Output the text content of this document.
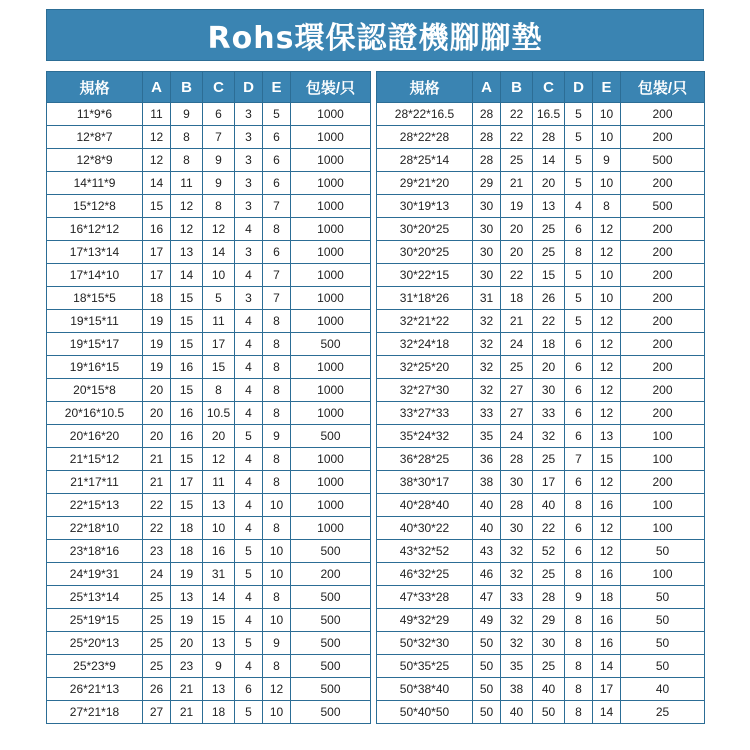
Rohs環保認證機腳腳墊
規格	A	B	C	D	E	包裝/只
11*9*6	11	9	6	3	5	1000
12*8*7	12	8	7	3	6	1000
12*8*9	12	8	9	3	6	1000
14*11*9	14	11	9	3	6	1000
15*12*8	15	12	8	3	7	1000
16*12*12	16	12	12	4	8	1000
17*13*14	17	13	14	3	6	1000
17*14*10	17	14	10	4	7	1000
18*15*5	18	15	5	3	7	1000
19*15*11	19	15	11	4	8	1000
19*15*17	19	15	17	4	8	500
19*16*15	19	16	15	4	8	1000
20*15*8	20	15	8	4	8	1000
20*16*10.5	20	16	10.5	4	8	1000
20*16*20	20	16	20	5	9	500
21*15*12	21	15	12	4	8	1000
21*17*11	21	17	11	4	8	1000
22*15*13	22	15	13	4	10	1000
22*18*10	22	18	10	4	8	1000
23*18*16	23	18	16	5	10	500
24*19*31	24	19	31	5	10	200
25*13*14	25	13	14	4	8	500
25*19*15	25	19	15	4	10	500
25*20*13	25	20	13	5	9	500
25*23*9	25	23	9	4	8	500
26*21*13	26	21	13	6	12	500
27*21*18	27	21	18	5	10	500
規格	A	B	C	D	E	包裝/只
28*22*16.5	28	22	16.5	5	10	200
28*22*28	28	22	28	5	10	200
28*25*14	28	25	14	5	9	500
29*21*20	29	21	20	5	10	200
30*19*13	30	19	13	4	8	500
30*20*25	30	20	25	6	12	200
30*20*25	30	20	25	8	12	200
30*22*15	30	22	15	5	10	200
31*18*26	31	18	26	5	10	200
32*21*22	32	21	22	5	12	200
32*24*18	32	24	18	6	12	200
32*25*20	32	25	20	6	12	200
32*27*30	32	27	30	6	12	200
33*27*33	33	27	33	6	12	200
35*24*32	35	24	32	6	13	100
36*28*25	36	28	25	7	15	100
38*30*17	38	30	17	6	12	200
40*28*40	40	28	40	8	16	100
40*30*22	40	30	22	6	12	100
43*32*52	43	32	52	6	12	50
46*32*25	46	32	25	8	16	100
47*33*28	47	33	28	9	18	50
49*32*29	49	32	29	8	16	50
50*32*30	50	32	30	8	16	50
50*35*25	50	35	25	8	14	50
50*38*40	50	38	40	8	17	40
50*40*50	50	40	50	8	14	25
